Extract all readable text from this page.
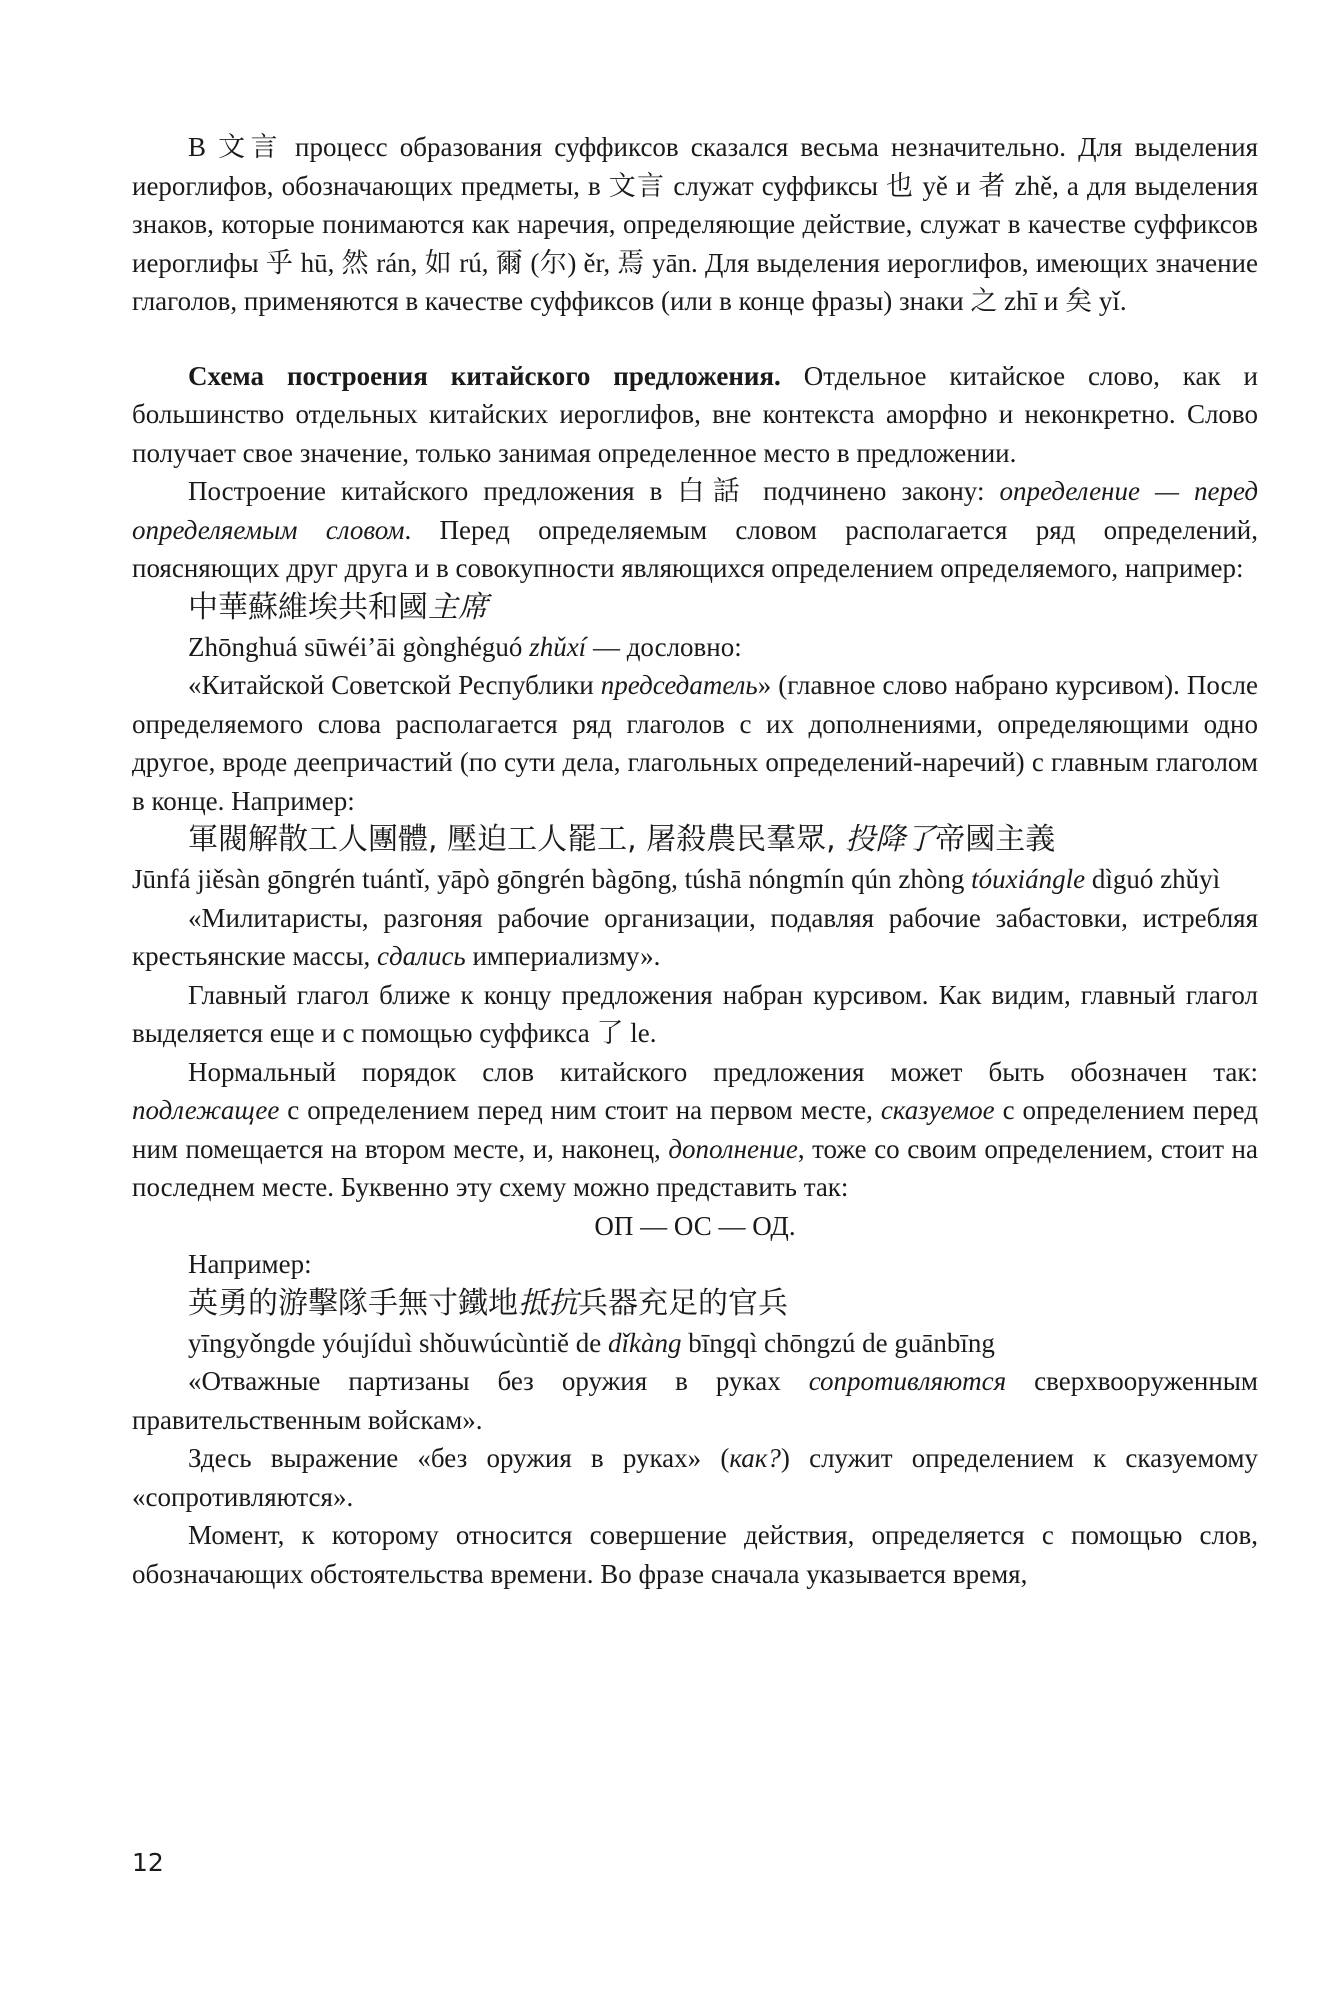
В 文言 процесс образования суффиксов сказался весьма незначительно. Для выделения иероглифов, обозначающих предметы, в 文言 служат суффиксы 也 yě и 者 zhě, а для выделения знаков, которые понимаются как наречия, определяющие действие, служат в качестве суффиксов иероглифы 乎 hū, 然 rán, 如 rú, 爾 (尔) ěr, 焉 yān. Для выделения иероглифов, имеющих значение глаголов, применяются в качестве суффиксов (или в конце фразы) знаки 之 zhī и 矣 yǐ.

Схема построения китайского предложения. Отдельное китайское слово, как и большинство отдельных китайских иероглифов, вне контекста аморфно и неконкретно. Слово получает свое значение, только занимая определенное место в предложении.

Построение китайского предложения в 白話 подчинено закону: определение — перед определяемым словом. Перед определяемым словом располагается ряд определений, поясняющих друг друга и в совокупности являющихся определением определяемого, например:

中華蘇維埃共和國主席

Zhōnghuá sūwéi’āi gònghéguó zhǔxí — дословно:

«Китайской Советской Республики председатель» (главное слово набрано курсивом). После определяемого слова располагается ряд глаголов с их дополнениями, определяющими одно другое, вроде деепричастий (по сути дела, глагольных определений-наречий) с главным глаголом в конце. Например:

軍閥解散工人團體, 壓迫工人罷工, 屠殺農民羣眾, 投降了帝國主義

Jūnfá jiěsàn gōngrén tuántǐ, yāpò gōngrén bàgōng, túshā nóngmín qún zhòng tóuxiángle dìguó zhǔyì

«Милитаристы, разгоняя рабочие организации, подавляя рабочие забастовки, истребляя крестьянские массы, сдались империализму».

Главный глагол ближе к концу предложения набран курсивом. Как видим, главный глагол выделяется еще и с помощью суффикса 了 le.

Нормальный порядок слов китайского предложения может быть обозначен так: подлежащее с определением перед ним стоит на первом месте, сказуемое с определением перед ним помещается на втором месте, и, наконец, дополнение, тоже со своим определением, стоит на последнем месте. Буквенно эту схему можно представить так:

ОП — ОС — ОД.

Например:

英勇的游擊隊手無寸鐵地抵抗兵器充足的官兵

yīngyǒngde yóujíduì shǒuwúcùntiě de dǐkàng bīngqì chōngzú de guānbīng

«Отважные партизаны без оружия в руках сопротивляются сверхвооруженным правительственным войскам».

Здесь выражение «без оружия в руках» (как?) служит определением к сказуемому «сопротивляются».

Момент, к которому относится совершение действия, определяется с помощью слов, обозначающих обстоятельства времени. Во фразе сначала указывается время,

12
